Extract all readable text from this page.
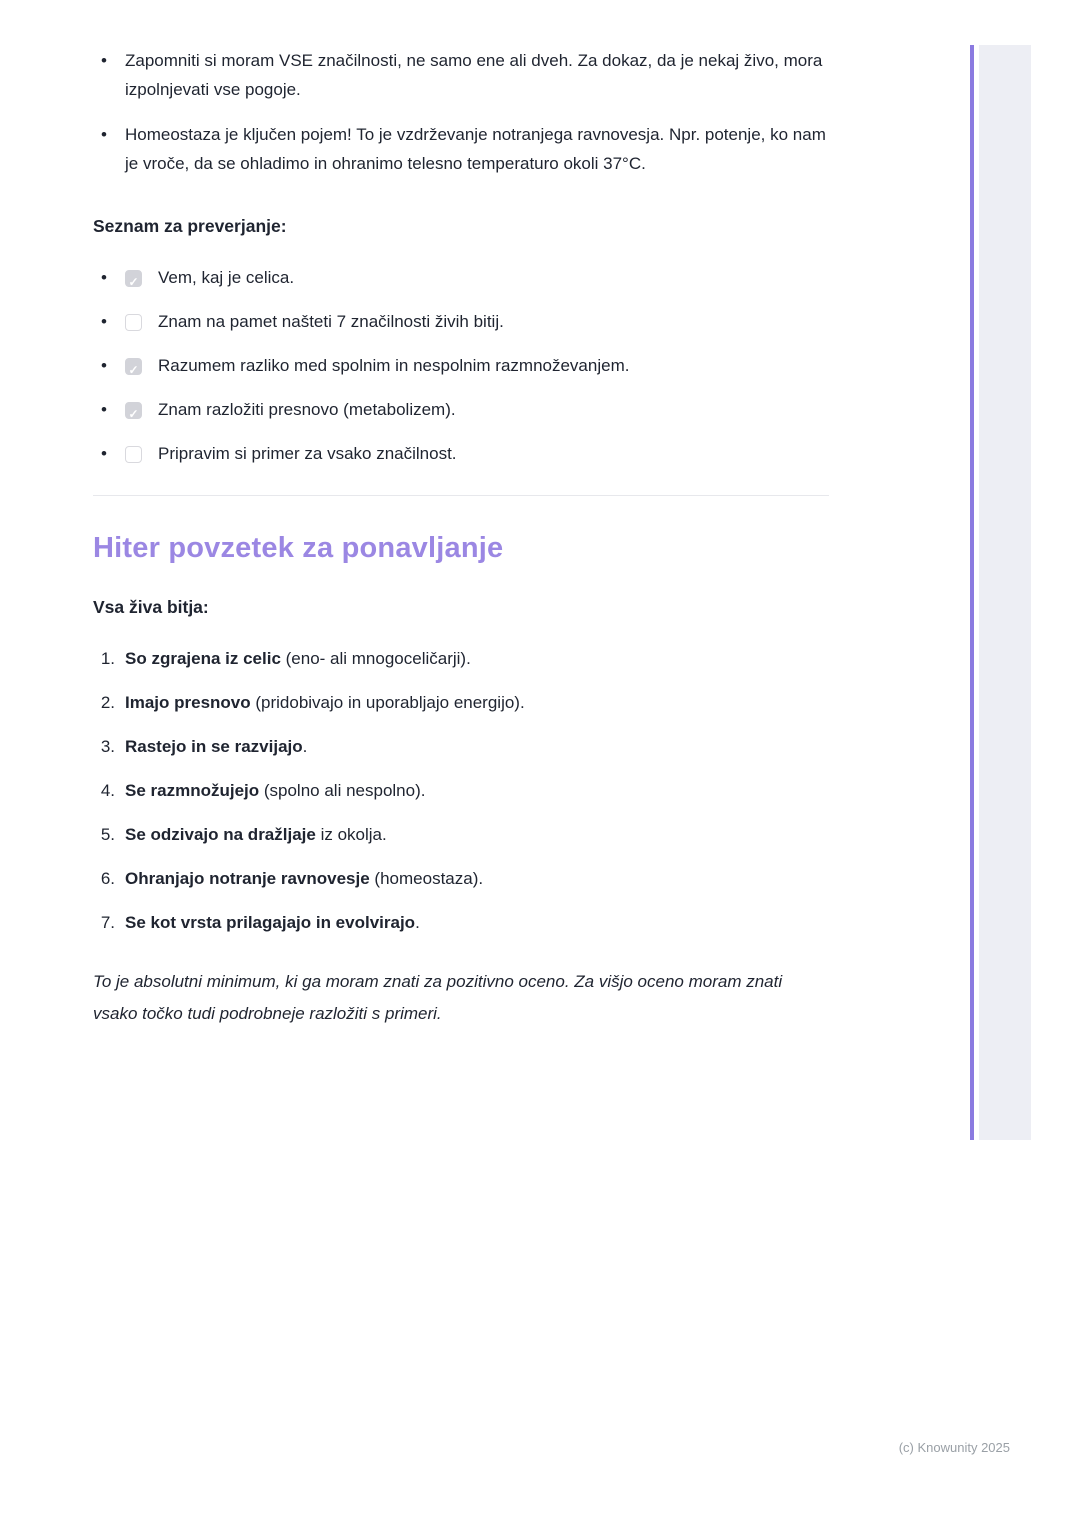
•	Zapomniti si moram VSE značilnosti, ne samo ene ali dveh. Za dokaz, da je nekaj živo, mora izpolnjevati vse pogoje.
•	Homeostaza je ključen pojem! To je vzdrževanje notranjega ravnovesja. Npr. potenje, ko nam je vroče, da se ohladimo in ohranimo telesno temperaturo okoli 37°C.
Seznam za preverjanje:
• ✓	Vem, kaj je celica.
•	Znam na pamet našteti 7 značilnosti živih bitij.
• ✓	Razumem razliko med spolnim in nespolnim razmnoževanjem.
• ✓	Znam razložiti presnovo (metabolizem).
•	Pripravim si primer za vsako značilnost.
Hiter povzetek za ponavljanje
Vsa živa bitja:
1. So zgrajena iz celic (eno- ali mnogoceličarji).
2. Imajo presnovo (pridobivajo in uporabljajo energijo).
3. Rastejo in se razvijajo.
4. Se razmnožujejo (spolno ali nespolno).
5. Se odzivajo na dražljaje iz okolja.
6. Ohranjajo notranje ravnovesje (homeostaza).
7. Se kot vrsta prilagajajo in evolvirajo.

To je absolutni minimum, ki ga moram znati za pozitivno oceno. Za višjo oceno moram znati vsako točko tudi podrobneje razložiti s primeri.

(c) Knowunity 2025
